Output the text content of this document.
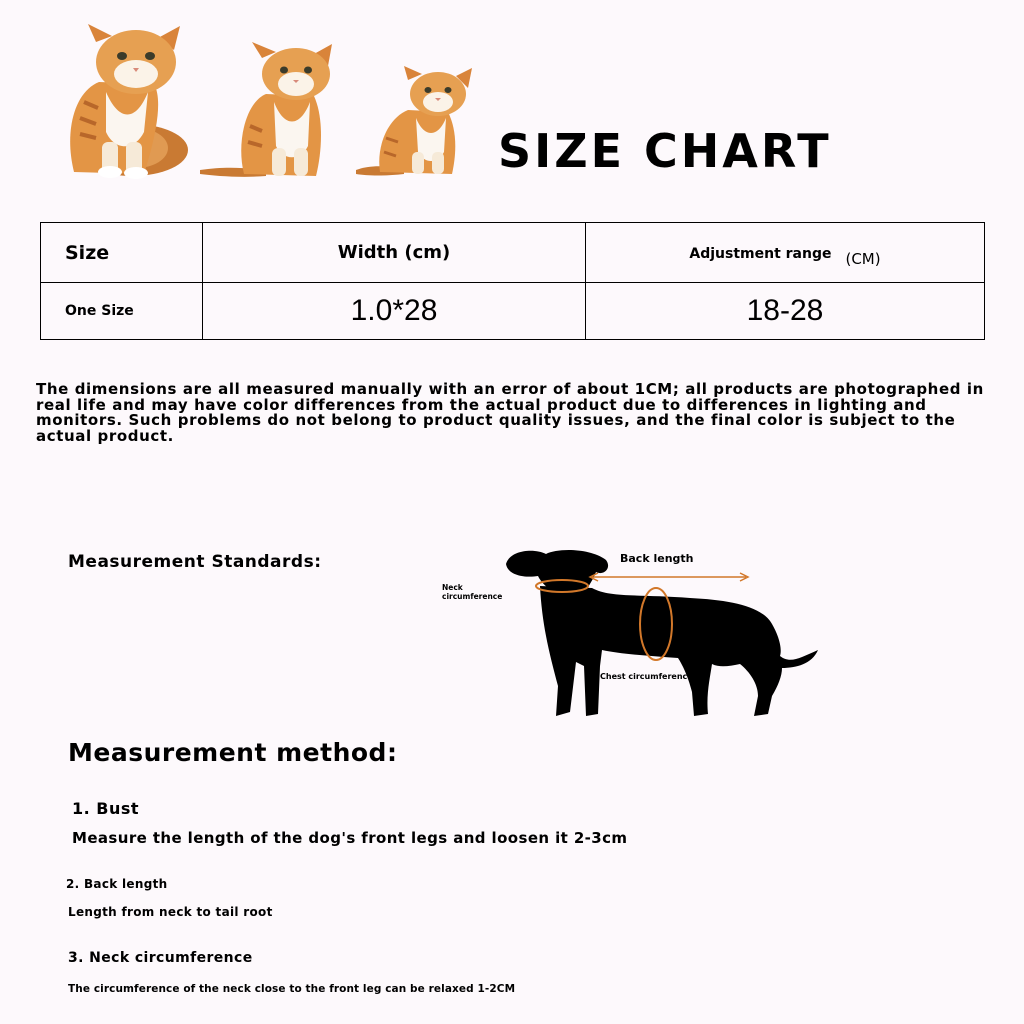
SIZE CHART
Size	Width (cm)	Adjustment range (CM)
One Size	1.0*28	18-28
The dimensions are all measured manually with an error of about 1CM; all products are photographed in real life and may have color differences from the actual product due to differences in lighting and monitors. Such problems do not belong to product quality issues, and the final color is subject to the actual product.
Measurement Standards:	Back length
Neck
circumference
Chest circumference
Measurement method:
1. Bust
Measure the length of the dog's front legs and loosen it 2-3cm
2. Back length
Length from neck to tail root
3. Neck circumference
The circumference of the neck close to the front leg can be relaxed 1-2CM
